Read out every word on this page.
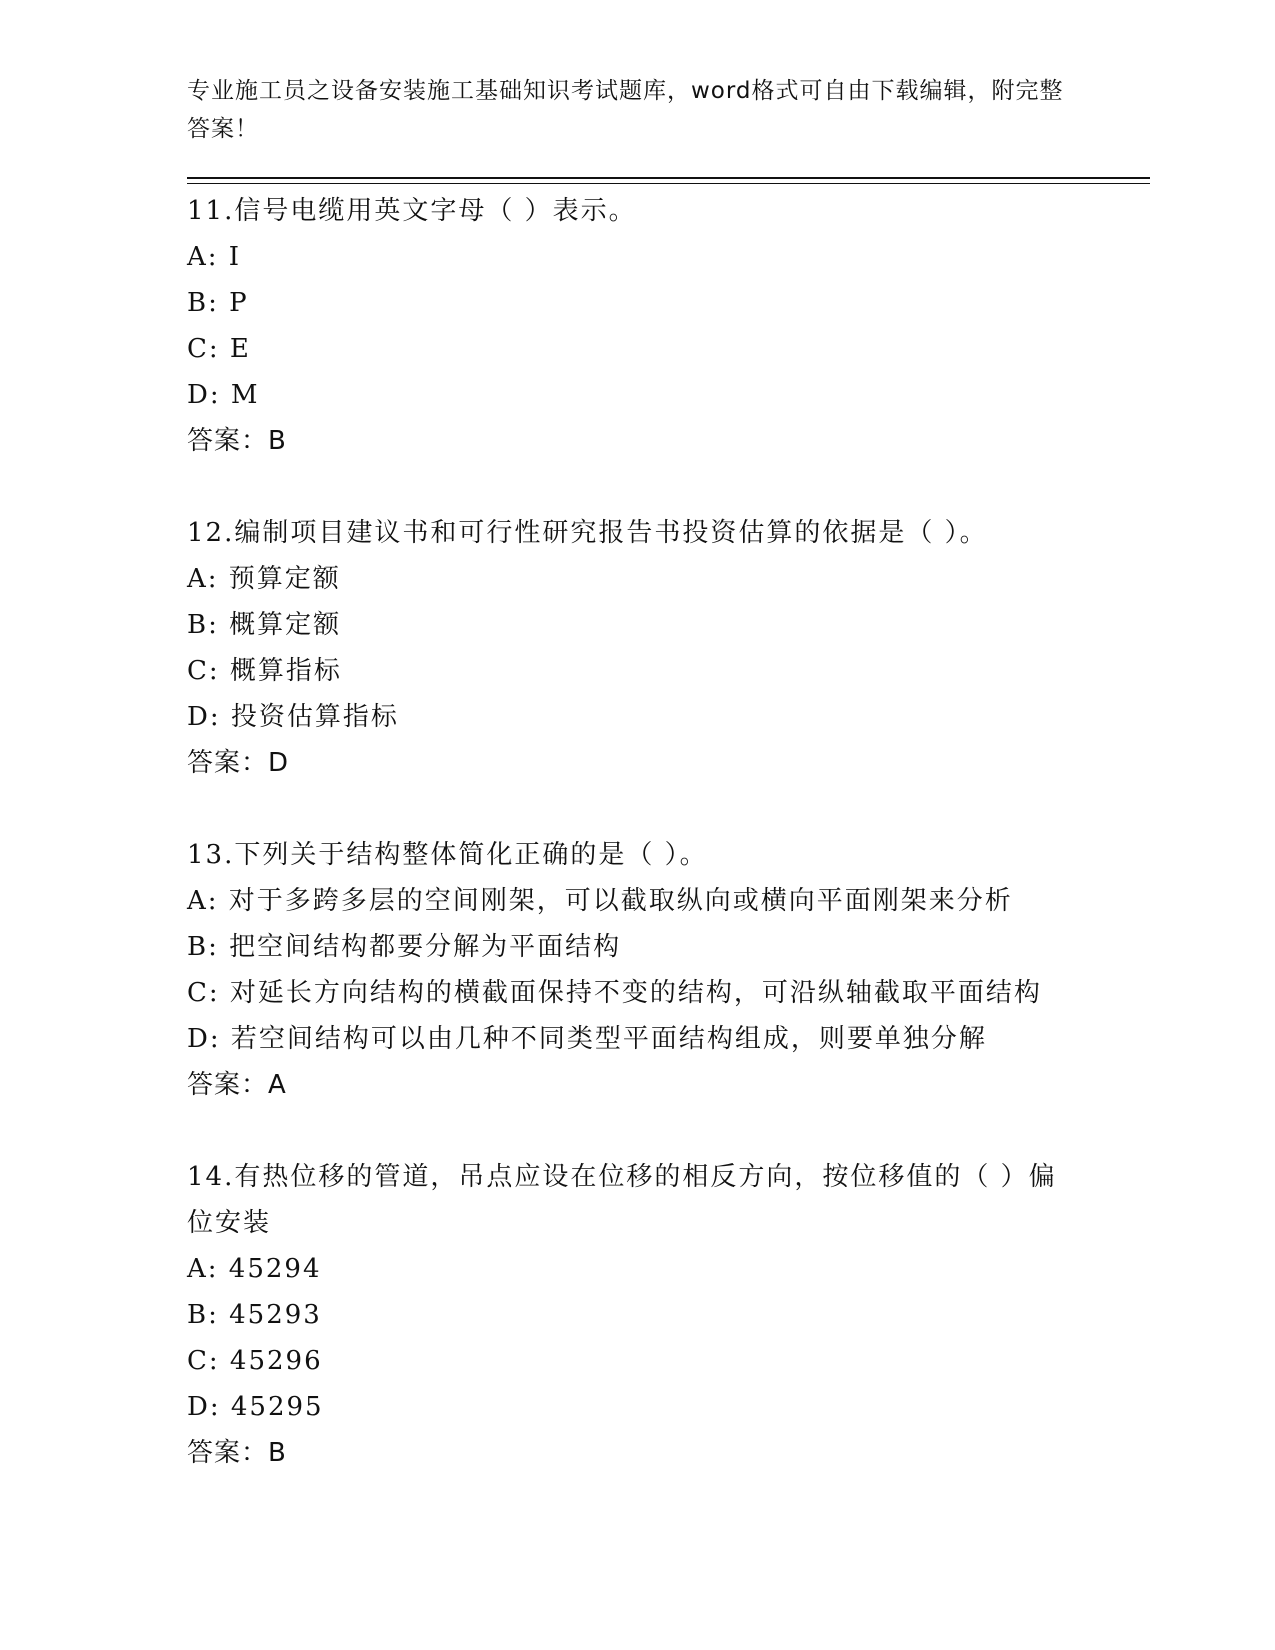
专业施工员之设备安装施工基础知识考试题库，word格式可自由下载编辑，附完整答案！
11.信号电缆用英文字母（ ）表示。
A: I
B: P
C: E
D: M
答案：B
12.编制项目建议书和可行性研究报告书投资估算的依据是（ ）。
A: 预算定额
B: 概算定额
C: 概算指标
D: 投资估算指标
答案：D
13.下列关于结构整体简化正确的是（ ）。
A: 对于多跨多层的空间刚架，可以截取纵向或横向平面刚架来分析
B: 把空间结构都要分解为平面结构
C: 对延长方向结构的横截面保持不变的结构，可沿纵轴截取平面结构
D: 若空间结构可以由几种不同类型平面结构组成，则要单独分解
答案：A
14.有热位移的管道，吊点应设在位移的相反方向，按位移值的（ ）偏位安装
A: 45294
B: 45293
C: 45296
D: 45295
答案：B
